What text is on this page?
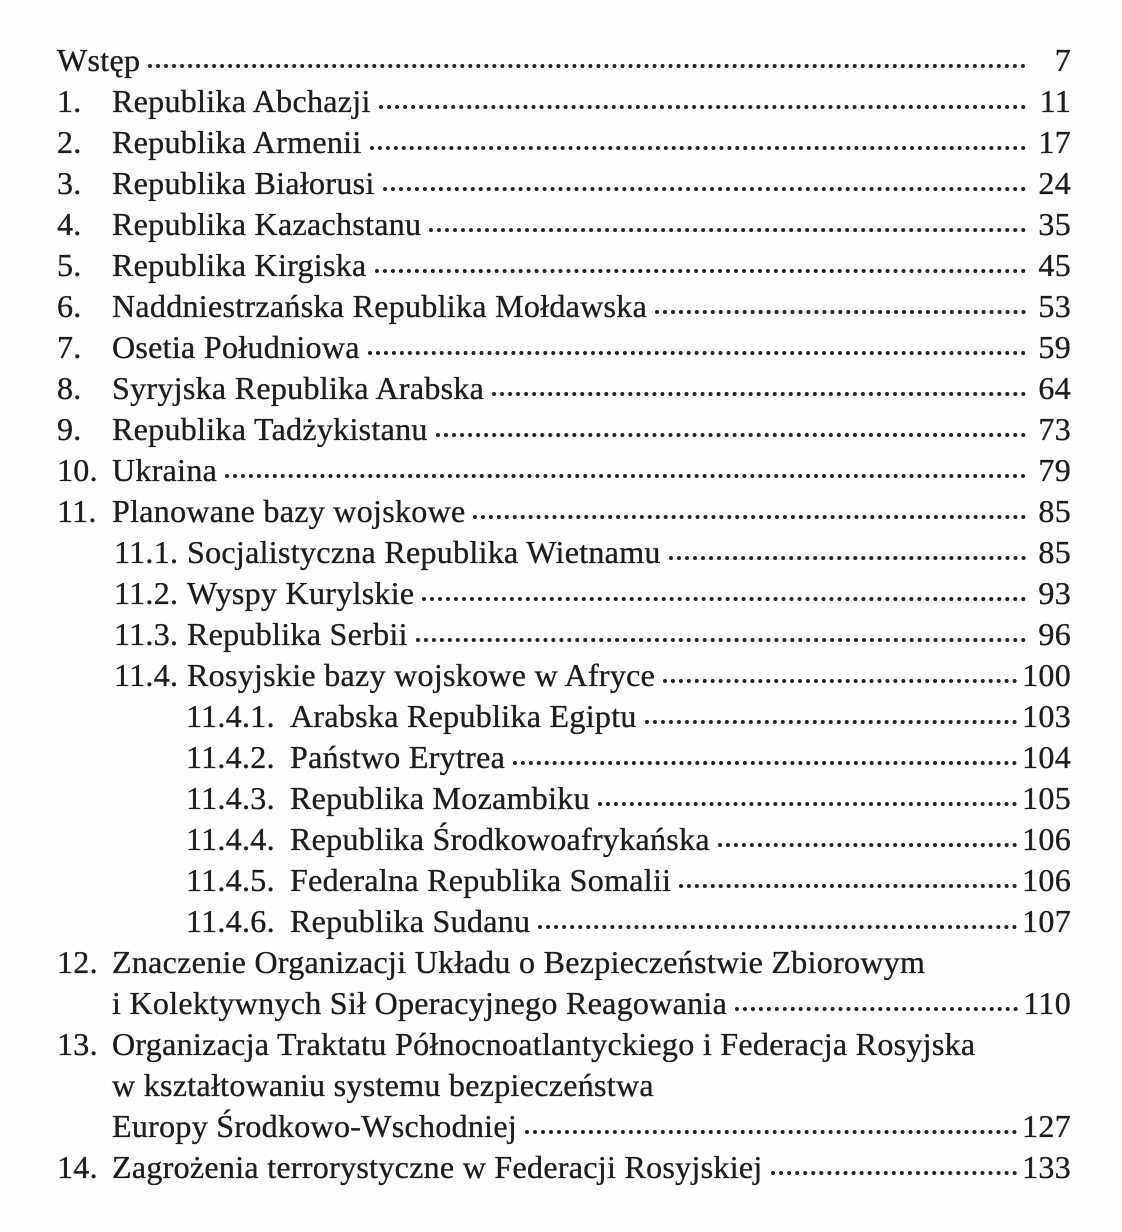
Wstęp	7
1. Republika Abchazji	11
2. Republika Armenii	17
3. Republika Białorusi	24
4. Republika Kazachstanu	35
5. Republika Kirgiska	45
6. Naddniestrzańska Republika Mołdawska	53
7. Osetia Południowa	59
8. Syryjska Republika Arabska	64
9. Republika Tadżykistanu	73
10. Ukraina	79
11. Planowane bazy wojskowe	85
11.1. Socjalistyczna Republika Wietnamu	85
11.2. Wyspy Kurylskie	93
11.3. Republika Serbii	96
11.4. Rosyjskie bazy wojskowe w Afryce	100
11.4.1. Arabska Republika Egiptu	103
11.4.2. Państwo Erytrea	104
11.4.3. Republika Mozambiku	105
11.4.4. Republika Środkowoafrykańska	106
11.4.5. Federalna Republika Somalii	106
11.4.6. Republika Sudanu	107
12. Znaczenie Organizacji Układu o Bezpieczeństwie Zbiorowym
i Kolektywnych Sił Operacyjnego Reagowania	110
13. Organizacja Traktatu Północnoatlantyckiego i Federacja Rosyjska
w kształtowaniu systemu bezpieczeństwa
Europy Środkowo-Wschodniej	127
14. Zagrożenia terrorystyczne w Federacji Rosyjskiej	133
